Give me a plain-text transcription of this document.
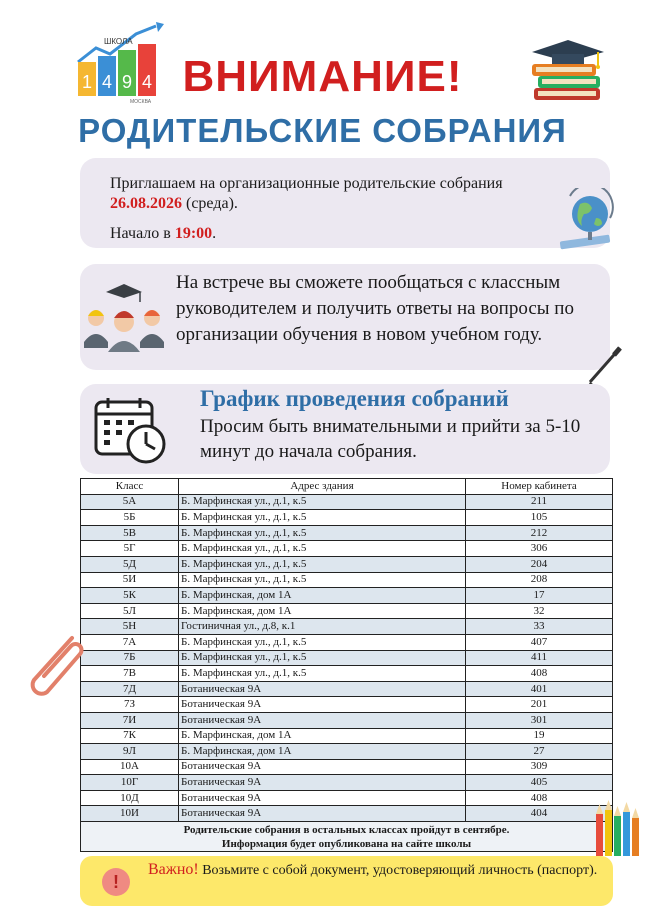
ШКОЛА
1 4 9 4
МОСКВА
ВНИМАНИЕ!
РОДИТЕЛЬСКИЕ СОБРАНИЯ
Приглашаем на организационные родительские собрания
26.08.2026 (среда).
Начало в 19:00.
На встрече вы сможете пообщаться с классным руководителем и получить ответы на вопросы по организации обучения в новом учебном году.
График проведения собраний
Просим быть внимательными и прийти за 5-10 минут до начала собрания.
Класс	Адрес здания	Номер кабинета
5А	Б. Марфинская ул., д.1, к.5	211
5Б	Б. Марфинская ул., д.1, к.5	105
5В	Б. Марфинская ул., д.1, к.5	212
5Г	Б. Марфинская ул., д.1, к.5	306
5Д	Б. Марфинская ул., д.1, к.5	204
5И	Б. Марфинская ул., д.1, к.5	208
5К	Б. Марфинская, дом 1А	17
5Л	Б. Марфинская, дом 1А	32
5Н	Гостиничная ул., д.8, к.1	33
7А	Б. Марфинская ул., д.1, к.5	407
7Б	Б. Марфинская ул., д.1, к.5	411
7В	Б. Марфинская ул., д.1, к.5	408
7Д	Ботаническая 9А	401
7З	Ботаническая 9А	201
7И	Ботаническая 9А	301
7К	Б. Марфинская, дом 1А	19
9Л	Б. Марфинская, дом 1А	27
10А	Ботаническая 9А	309
10Г	Ботаническая 9А	405
10Д	Ботаническая 9А	408
10И	Ботаническая 9А	404
Родительские собрания в остальных классах пройдут в сентябре.
Информация будет опубликована на сайте школы		
!
Важно! Возьмите с собой документ, удостоверяющий личность (паспорт).
